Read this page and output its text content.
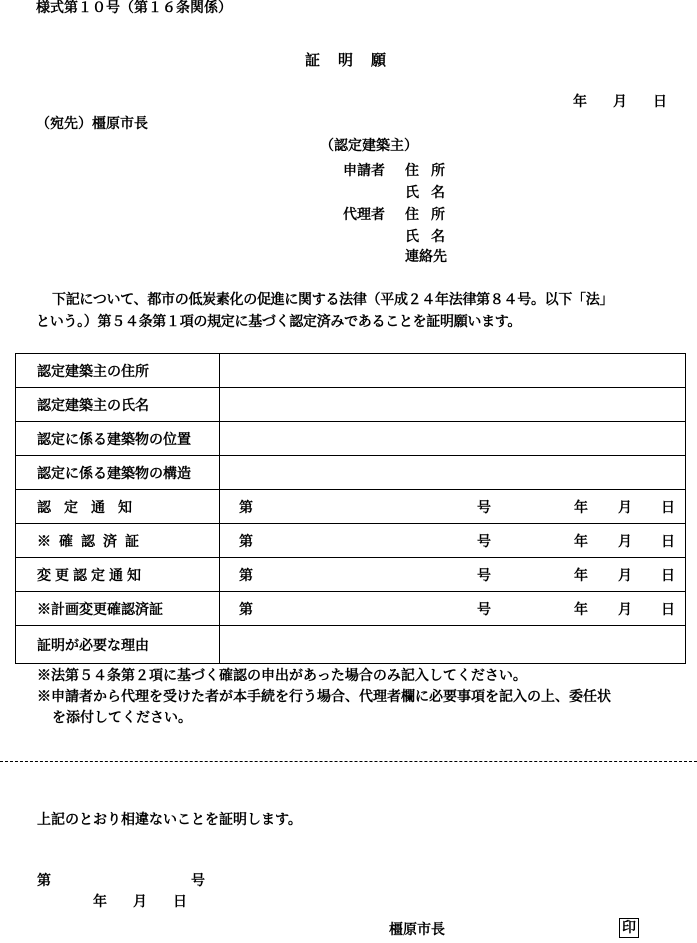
様式第１０号（第１６条関係）
証明願
年　月　日
（宛先）橿原市長
（認定建築主）
申請者 住所
氏名
代理者 住所
氏名
連絡先
下記について、都市の低炭素化の促進に関する法律（平成２４年法律第８４号。以下「法」
という。）第５４条第１項の規定に基づく認定済みであることを証明願います。
認定建築主の住所
認定建築主の氏名
認定に係る建築物の位置
認定に係る建築物の構造
認定通知	第	号	年 月 日
※確認済証	第	号	年 月 日
変更認定通知	第	号	年 月 日
※計画変更確認済証	第	号	年 月 日
証明が必要な理由
※法第５４条第２項に基づく確認の申出があった場合のみ記入してください。
※申請者から代理を受けた者が本手続を行う場合、代理者欄に必要事項を記入の上、委任状
を添付してください。
上記のとおり相違ないことを証明します。
第	号
年　月　日
橿原市長	印
